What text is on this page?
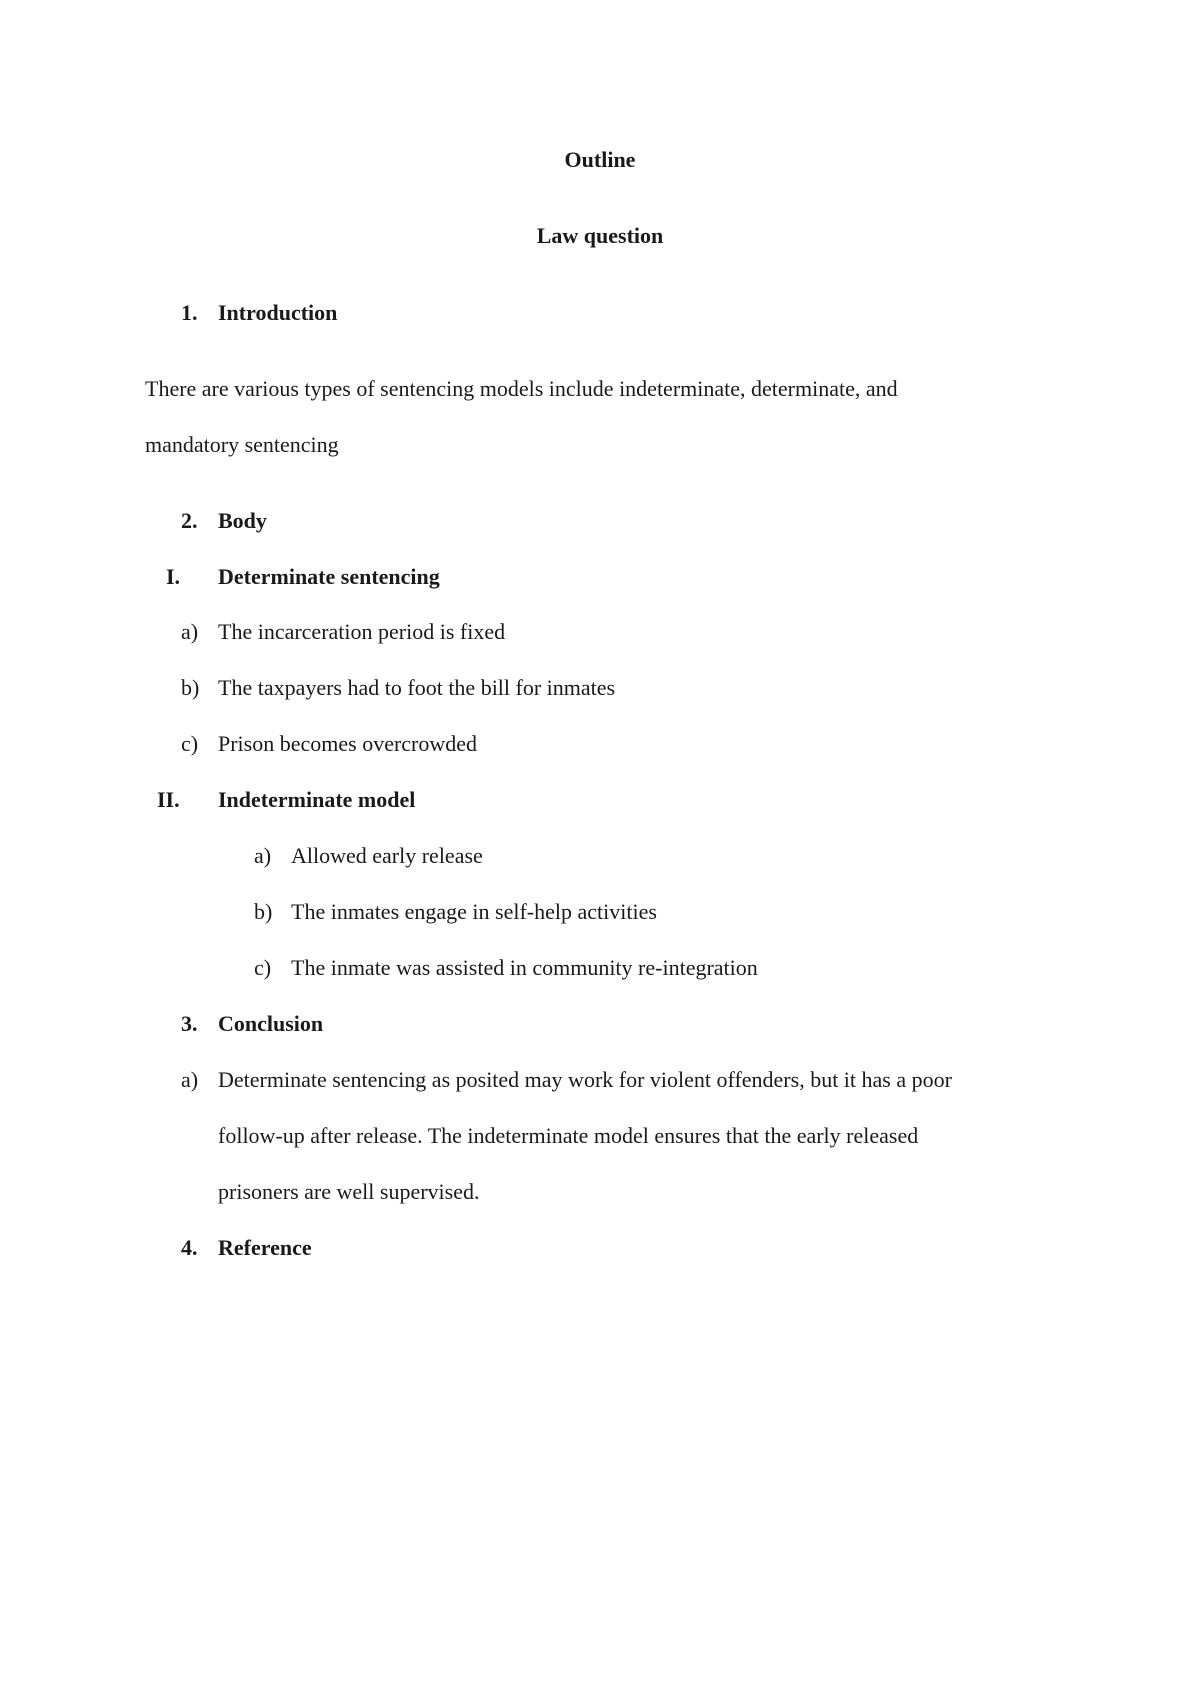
Outline
Law question
1. Introduction
There are various types of sentencing models include indeterminate, determinate, and
mandatory sentencing
2. Body
I. Determinate sentencing
a) The incarceration period is fixed
b) The taxpayers had to foot the bill for inmates
c) Prison becomes overcrowded
II. Indeterminate model
a) Allowed early release
b) The inmates engage in self-help activities
c) The inmate was assisted in community re-integration
3. Conclusion
a) Determinate sentencing as posited may work for violent offenders, but it has a poor
follow-up after release. The indeterminate model ensures that the early released
prisoners are well supervised.
4. Reference
